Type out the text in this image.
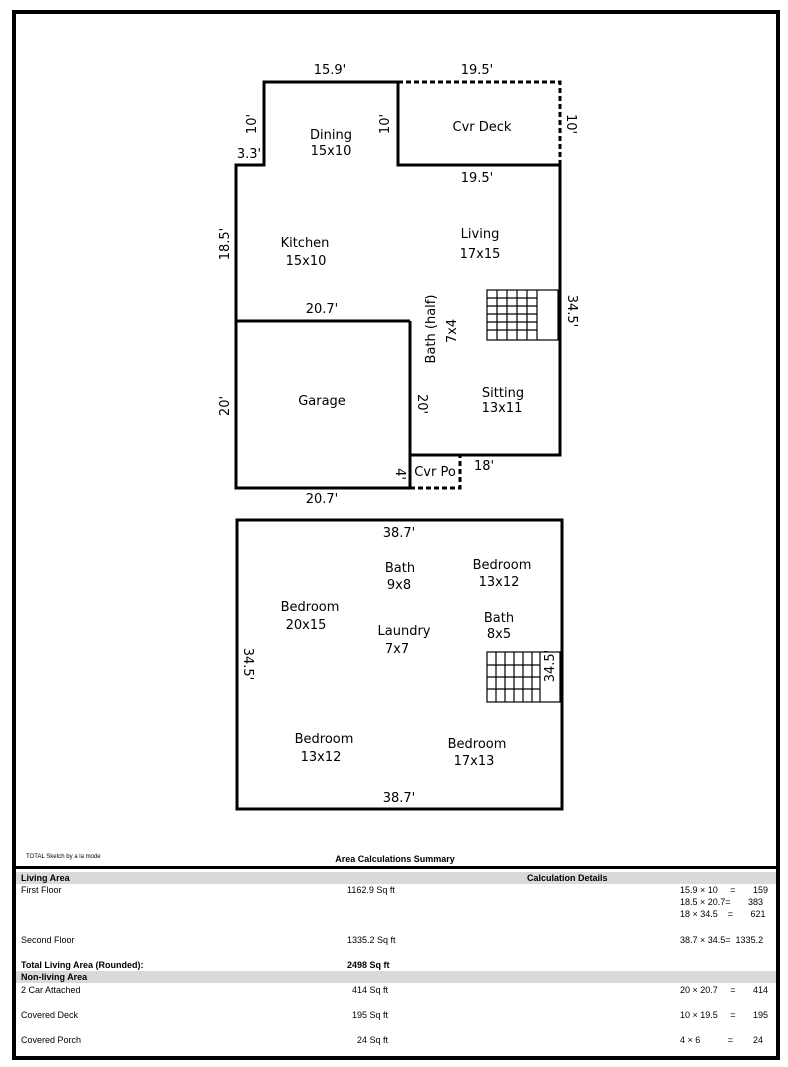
15.9'	19.5'
10'
3.3'
10'	10'
19.5'
18.5'
20.7'	34.5'
20'	20'
4'
20.7'
18'
Dining
15x10
Cvr Deck
Kitchen
15x10
Living
17x15
Bath (half) 7x4
Garage
Sitting
13x11
Cvr Po
38.7'
34.5'	34.5'
38.7'
Bath
9x8
Bedroom
13x12
Bedroom
20x15	Bath
8x5
Laundry
7x7
Bedroom
13x12
Bedroom
17x13
TOTAL Sketch by a la mode	Area Calculations Summary
Living Area	Calculation Details
First Floor	1162.9 Sq ft	15.9 × 10     =       159
18.5 × 20.7=       383
18 × 34.5    =       621
Second Floor	1335.2 Sq ft	38.7 × 34.5=  1335.2
Total Living Area (Rounded):	2498 Sq ft
Non-living Area
2 Car Attached	414 Sq ft	20 × 20.7     =       414
Covered Deck	195 Sq ft	10 × 19.5     =       195
Covered Porch	24 Sq ft	4 × 6           =        24
